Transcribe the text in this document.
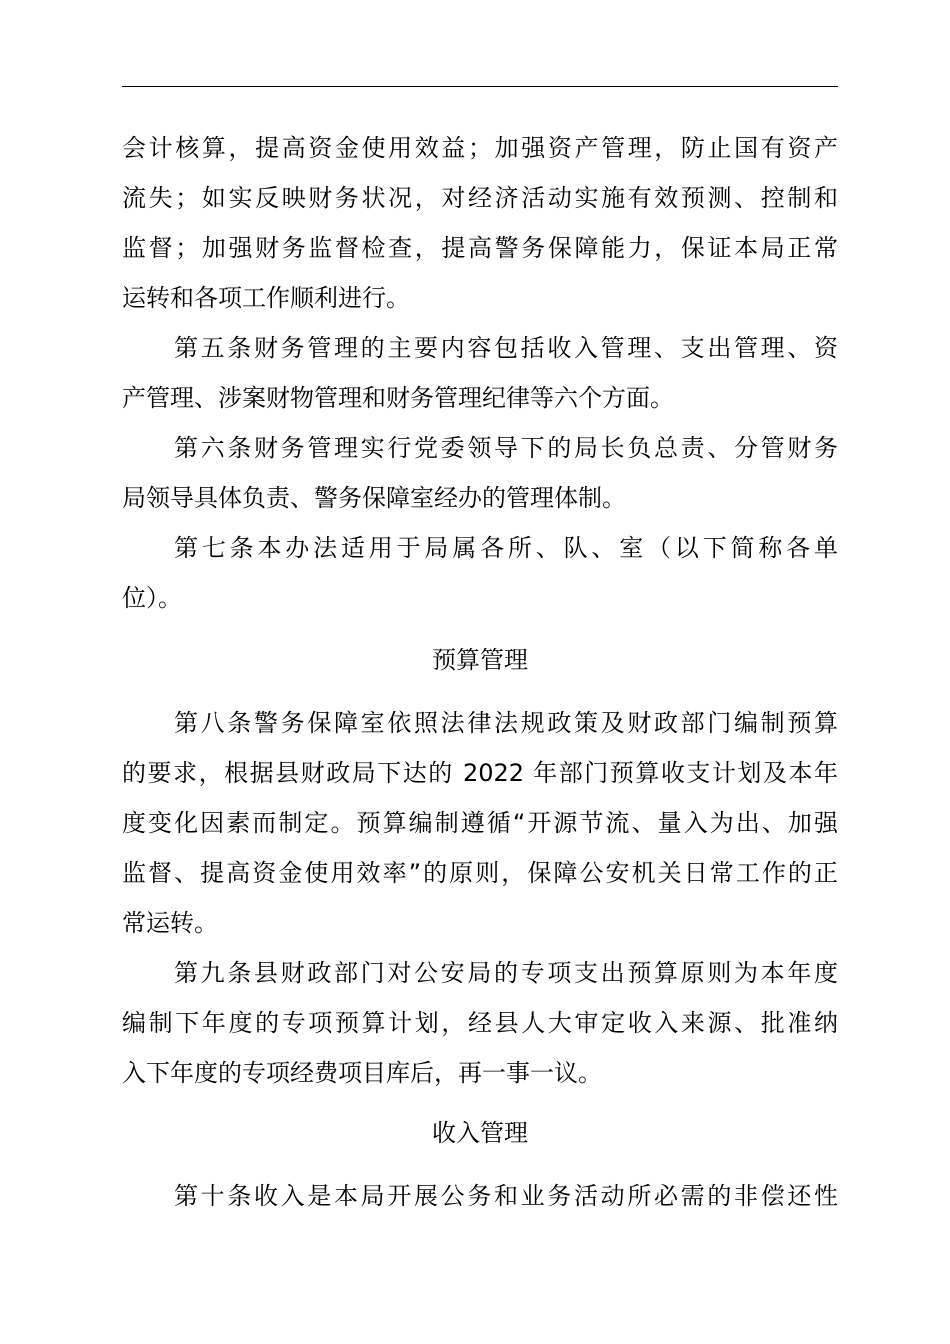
会计核算，提高资金使用效益；加强资产管理，防止国有资产
流失；如实反映财务状况，对经济活动实施有效预测、控制和
监督；加强财务监督检查，提高警务保障能力，保证本局正常
运转和各项工作顺利进行。
第五条财务管理的主要内容包括收入管理、支出管理、资
产管理、涉案财物管理和财务管理纪律等六个方面。
第六条财务管理实行党委领导下的局长负总责、分管财务
局领导具体负责、警务保障室经办的管理体制。
第七条本办法适用于局属各所、队、室（以下简称各单
位）。
预算管理
第八条警务保障室依照法律法规政策及财政部门编制预算
的要求，根据县财政局下达的 2022 年部门预算收支计划及本年
度变化因素而制定。预算编制遵循“开源节流、量入为出、加强
监督、提高资金使用效率”的原则，保障公安机关日常工作的正
常运转。
第九条县财政部门对公安局的专项支出预算原则为本年度
编制下年度的专项预算计划，经县人大审定收入来源、批准纳
入下年度的专项经费项目库后，再一事一议。
收入管理
第十条收入是本局开展公务和业务活动所必需的非偿还性
